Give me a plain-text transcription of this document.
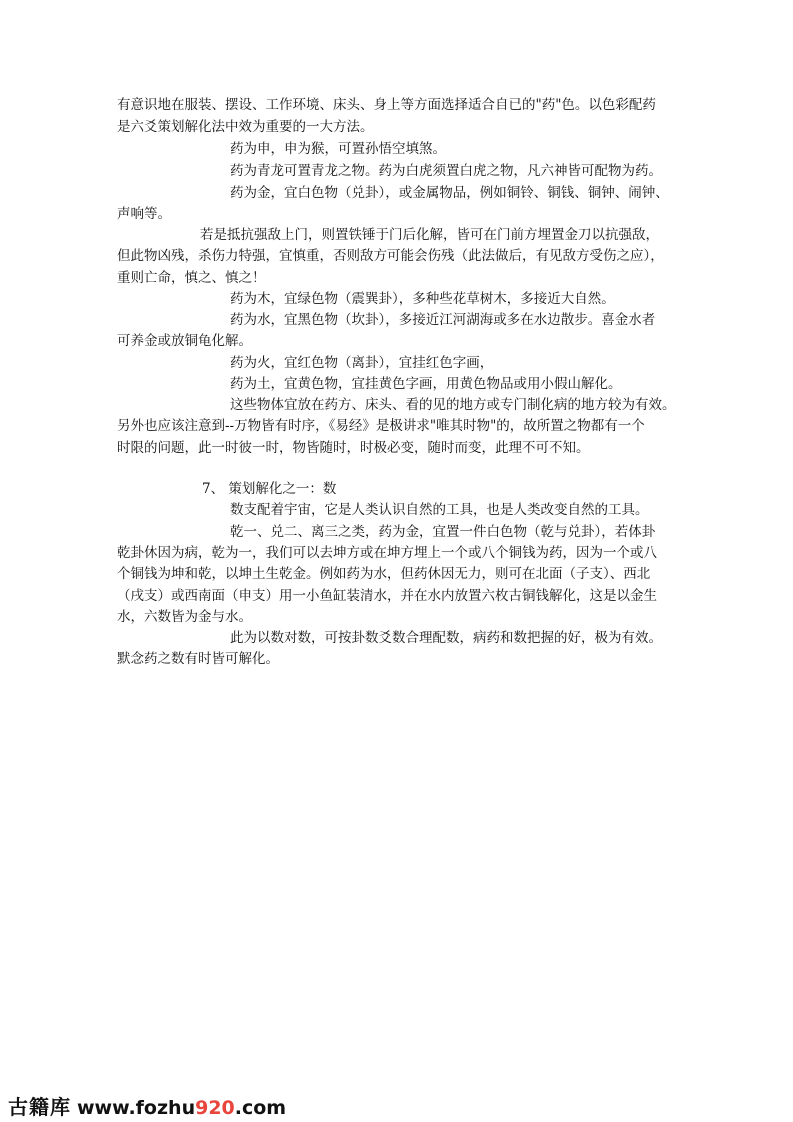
有意识地在服装、摆设、工作环境、床头、身上等方面选择适合自已的"药"色。以色彩配药
是六爻策划解化法中效为重要的一大方法。
药为申，申为猴，可置孙悟空填煞。
药为青龙可置青龙之物。药为白虎须置白虎之物，凡六神皆可配物为药。
药为金，宜白色物（兑卦），或金属物品，例如铜铃、铜钱、铜钟、闹钟、
声响等。
若是抵抗强敌上门，则置铁锤于门后化解，皆可在门前方埋置金刀以抗强敌，
但此物凶残，杀伤力特强，宜慎重，否则敌方可能会伤残（此法做后，有见敌方受伤之应），
重则亡命，慎之、慎之！
药为木，宜绿色物（震巽卦），多种些花草树木，多接近大自然。
药为水，宜黑色物（坎卦），多接近江河湖海或多在水边散步。喜金水者
可养金或放铜龟化解。
药为火，宜红色物（离卦），宜挂红色字画，
药为土，宜黄色物，宜挂黄色字画，用黄色物品或用小假山解化。
这些物体宜放在药方、床头、看的见的地方或专门制化病的地方较为有效。
另外也应该注意到--万物皆有时序，《易经》是极讲求"唯其时物"的，故所置之物都有一个
时限的问题，此一时彼一时，物皆随时，时极必变，随时而变，此理不可不知。
7、 策划解化之一：数
数支配着宇宙，它是人类认识自然的工具，也是人类改变自然的工具。
乾一、兑二、离三之类，药为金，宜置一件白色物（乾与兑卦），若体卦
乾卦休因为病，乾为一，我们可以去坤方或在坤方埋上一个或八个铜钱为药，因为一个或八
个铜钱为坤和乾，以坤土生乾金。例如药为水，但药休因无力，则可在北面（子支）、西北
（戌支）或西南面（申支）用一小鱼缸装清水，并在水内放置六枚古铜钱解化，这是以金生
水，六数皆为金与水。
此为以数对数，可按卦数爻数合理配数，病药和数把握的好，极为有效。
默念药之数有时皆可解化。
古籍库 www.fozhu920.com
